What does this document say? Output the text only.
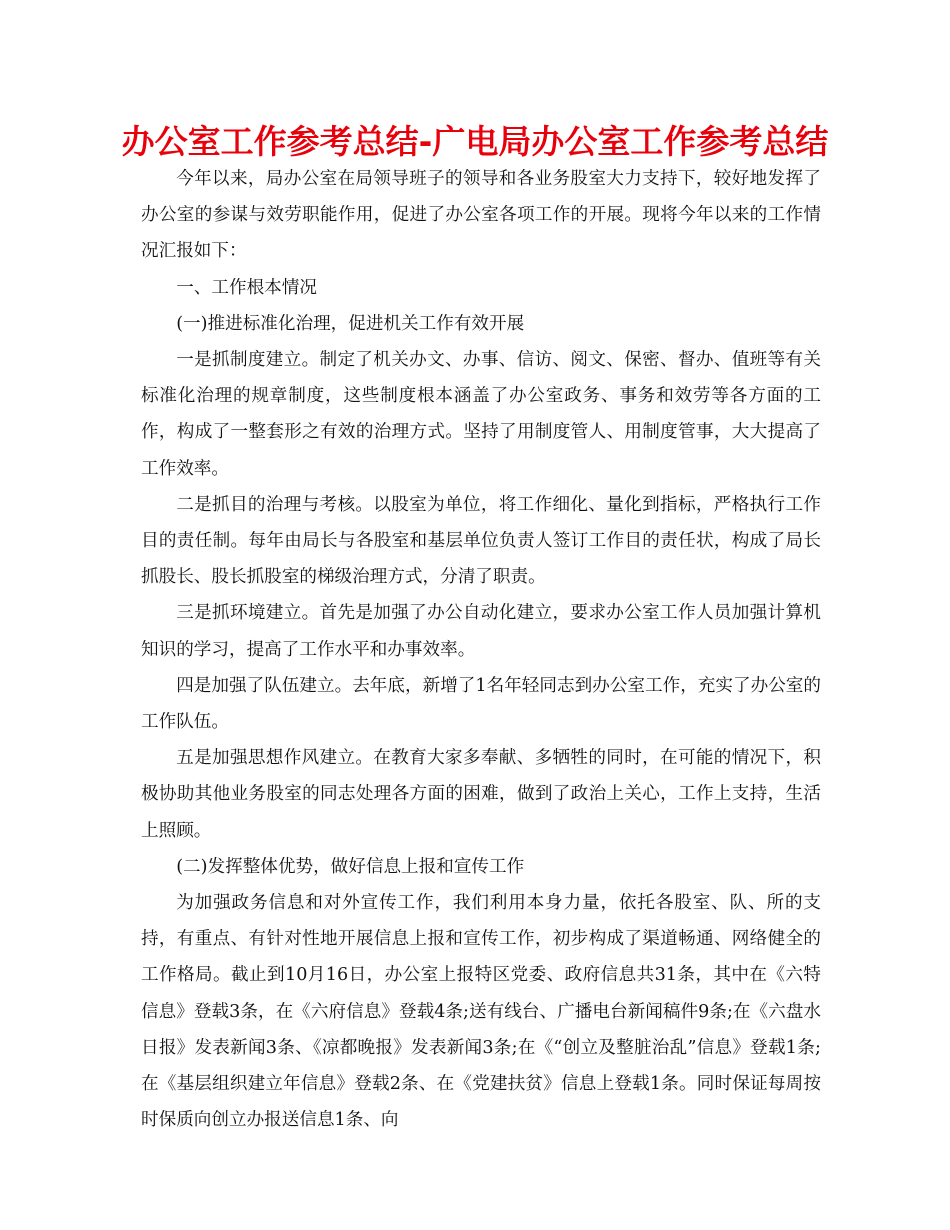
办公室工作参考总结-广电局办公室工作参考总结

今年以来，局办公室在局领导班子的领导和各业务股室大力支持下，较好地发挥了办公室的参谋与效劳职能作用，促进了办公室各项工作的开展。现将今年以来的工作情况汇报如下：

一、工作根本情况

(一)推进标准化治理，促进机关工作有效开展

一是抓制度建立。制定了机关办文、办事、信访、阅文、保密、督办、值班等有关标准化治理的规章制度，这些制度根本涵盖了办公室政务、事务和效劳等各方面的工作，构成了一整套形之有效的治理方式。坚持了用制度管人、用制度管事，大大提高了工作效率。

二是抓目的治理与考核。以股室为单位，将工作细化、量化到指标，严格执行工作目的责任制。每年由局长与各股室和基层单位负责人签订工作目的责任状，构成了局长抓股长、股长抓股室的梯级治理方式，分清了职责。

三是抓环境建立。首先是加强了办公自动化建立，要求办公室工作人员加强计算机知识的学习，提高了工作水平和办事效率。

四是加强了队伍建立。去年底，新增了1名年轻同志到办公室工作，充实了办公室的工作队伍。

五是加强思想作风建立。在教育大家多奉献、多牺牲的同时，在可能的情况下，积极协助其他业务股室的同志处理各方面的困难，做到了政治上关心，工作上支持，生活上照顾。

(二)发挥整体优势，做好信息上报和宣传工作

为加强政务信息和对外宣传工作，我们利用本身力量，依托各股室、队、所的支持，有重点、有针对性地开展信息上报和宣传工作，初步构成了渠道畅通、网络健全的工作格局。截止到10月16日，办公室上报特区党委、政府信息共31条，其中在《六特信息》登载3条，在《六府信息》登载4条;送有线台、广播电台新闻稿件9条;在《六盘水日报》发表新闻3条、《凉都晚报》发表新闻3条;在《“创立及整脏治乱”信息》登载1条;在《基层组织建立年信息》登载2条、在《党建扶贫》信息上登载1条。同时保证每周按时保质向创立办报送信息1条、向
